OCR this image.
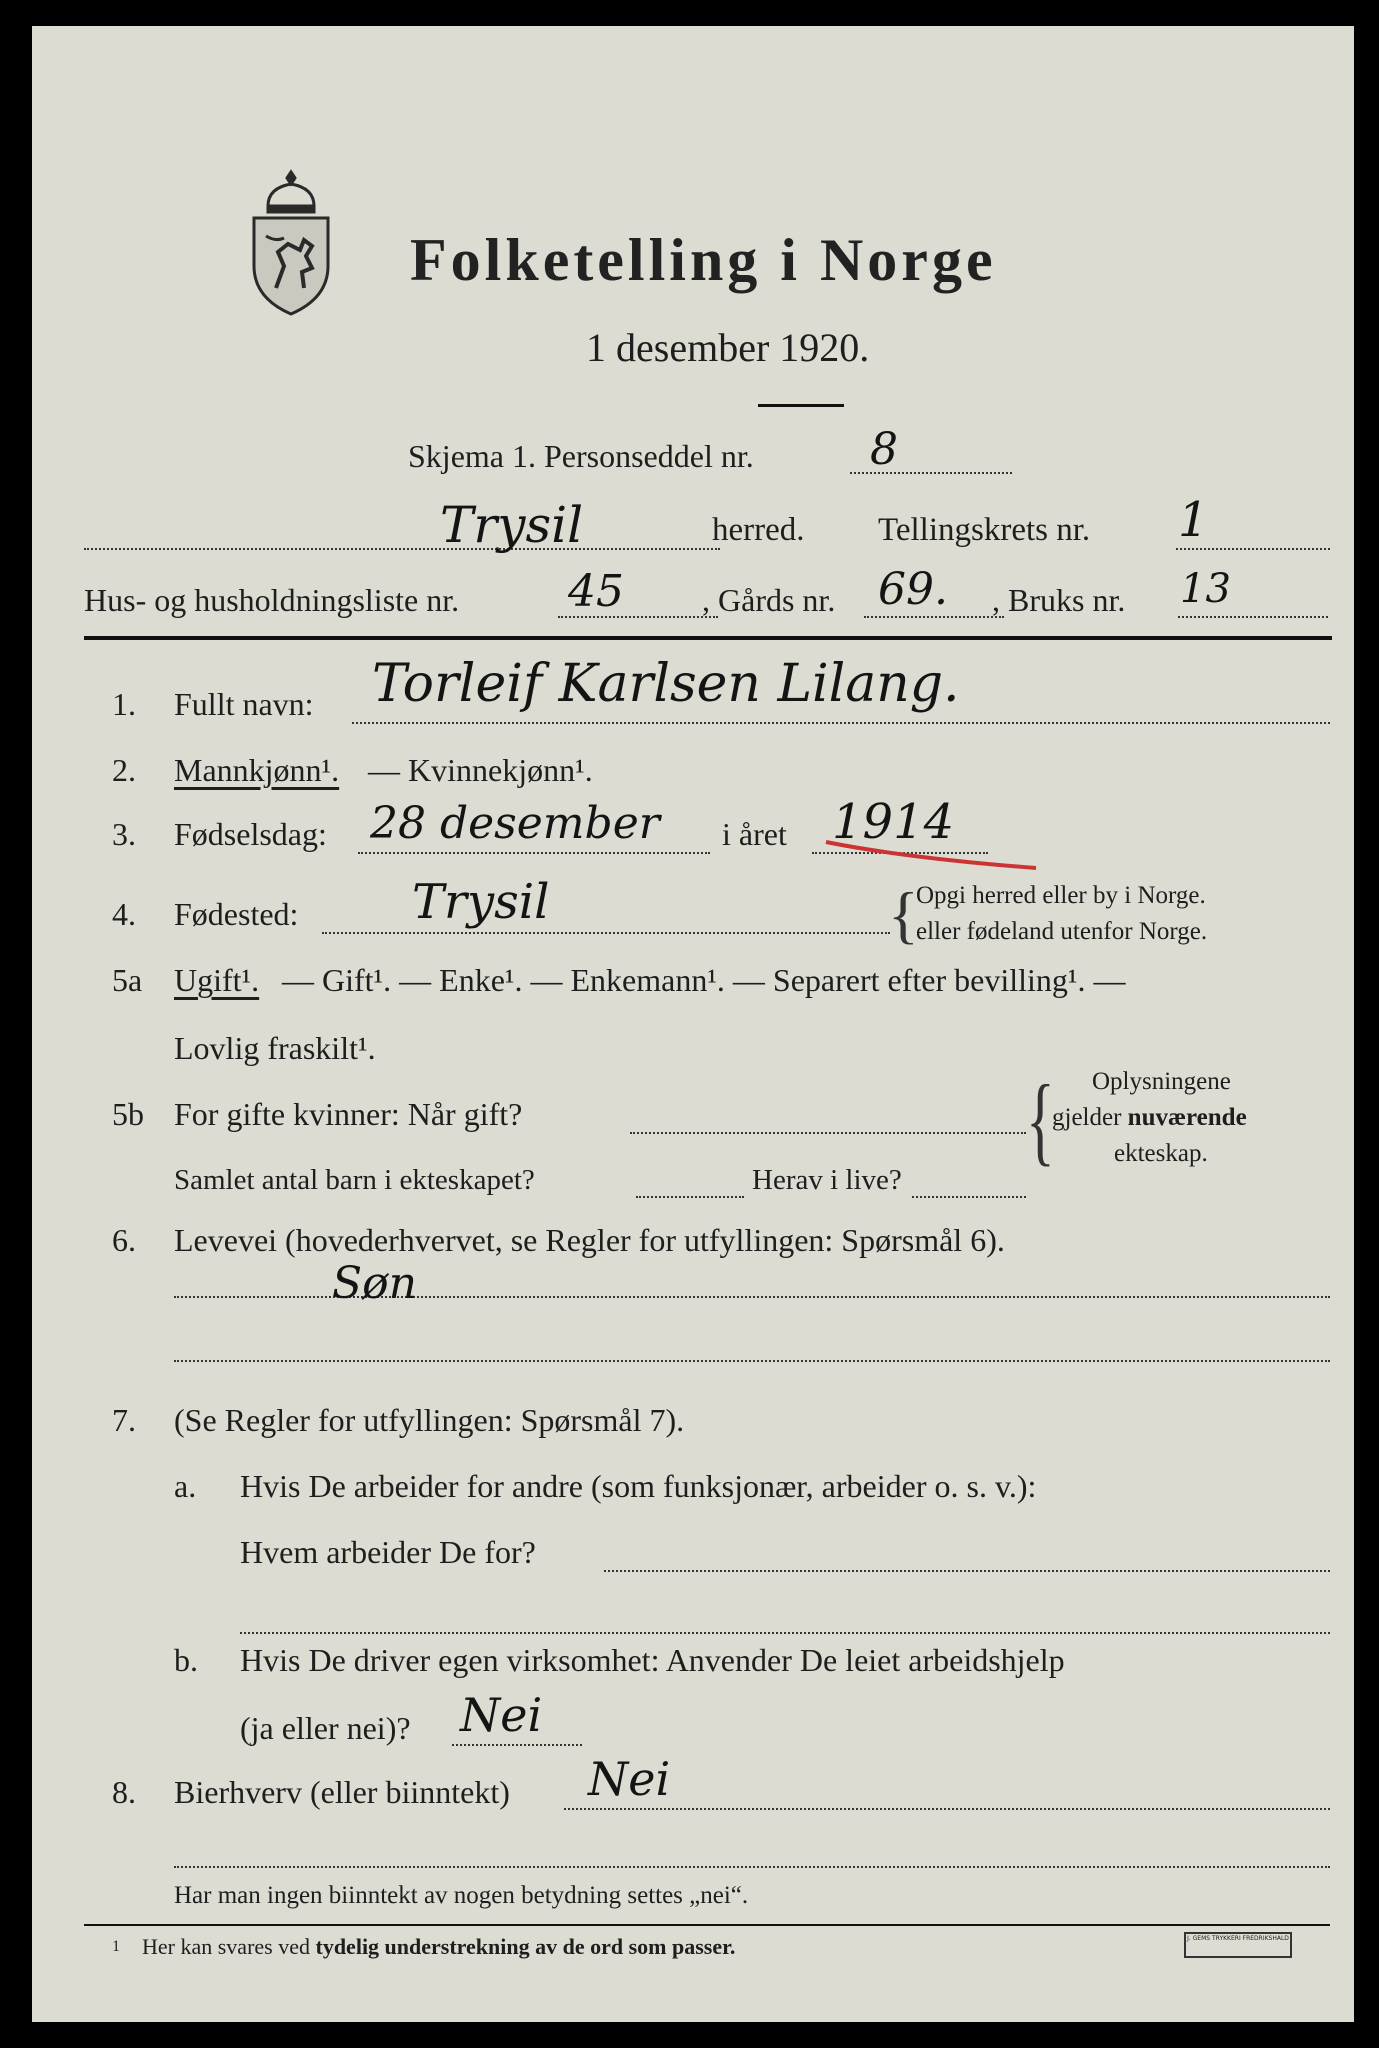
Folketelling i Norge
1 desember 1920.
Skjema 1. Personseddel nr.	8
Trysil	herred. Tellingskrets nr. 1
Hus- og husholdningsliste nr. 45 , Gårds nr. 69. , Bruks nr. 13
1. Fullt navn: Torleif Karlsen Lilang.
2. Mannkjønn¹. — Kvinnekjønn¹.
3. Fødselsdag: 28 desember i året 1914
4. Fødested: Trysil	{
Opgi herred eller by i Norge.
eller fødeland utenfor Norge.
5a Ugift¹. — Gift¹. — Enke¹. — Enkemann¹. — Separert efter bevilling¹. —
Lovlig fraskilt¹.
5b For gifte kvinner: Når gift?
Samlet antal barn i ekteskapet?	Herav i live?
{ Oplysningene
gjelder nuværende
ekteskap.
6. Levevei (hovederhvervet, se Regler for utfyllingen: Spørsmål 6).
Søn
7. (Se Regler for utfyllingen: Spørsmål 7).
a. Hvis De arbeider for andre (som funksjonær, arbeider o. s. v.):
Hvem arbeider De for?
b. Hvis De driver egen virksomhet: Anvender De leiet arbeidshjelp
(ja eller nei)? Nei
8. Bierhverv (eller biinntekt) Nei
Har man ingen biinntekt av nogen betydning settes „nei“.
1 Her kan svares ved tydelig understrekning av de ord som passer.	J. GEMS TRYKKERI FREDRIKSHALD
